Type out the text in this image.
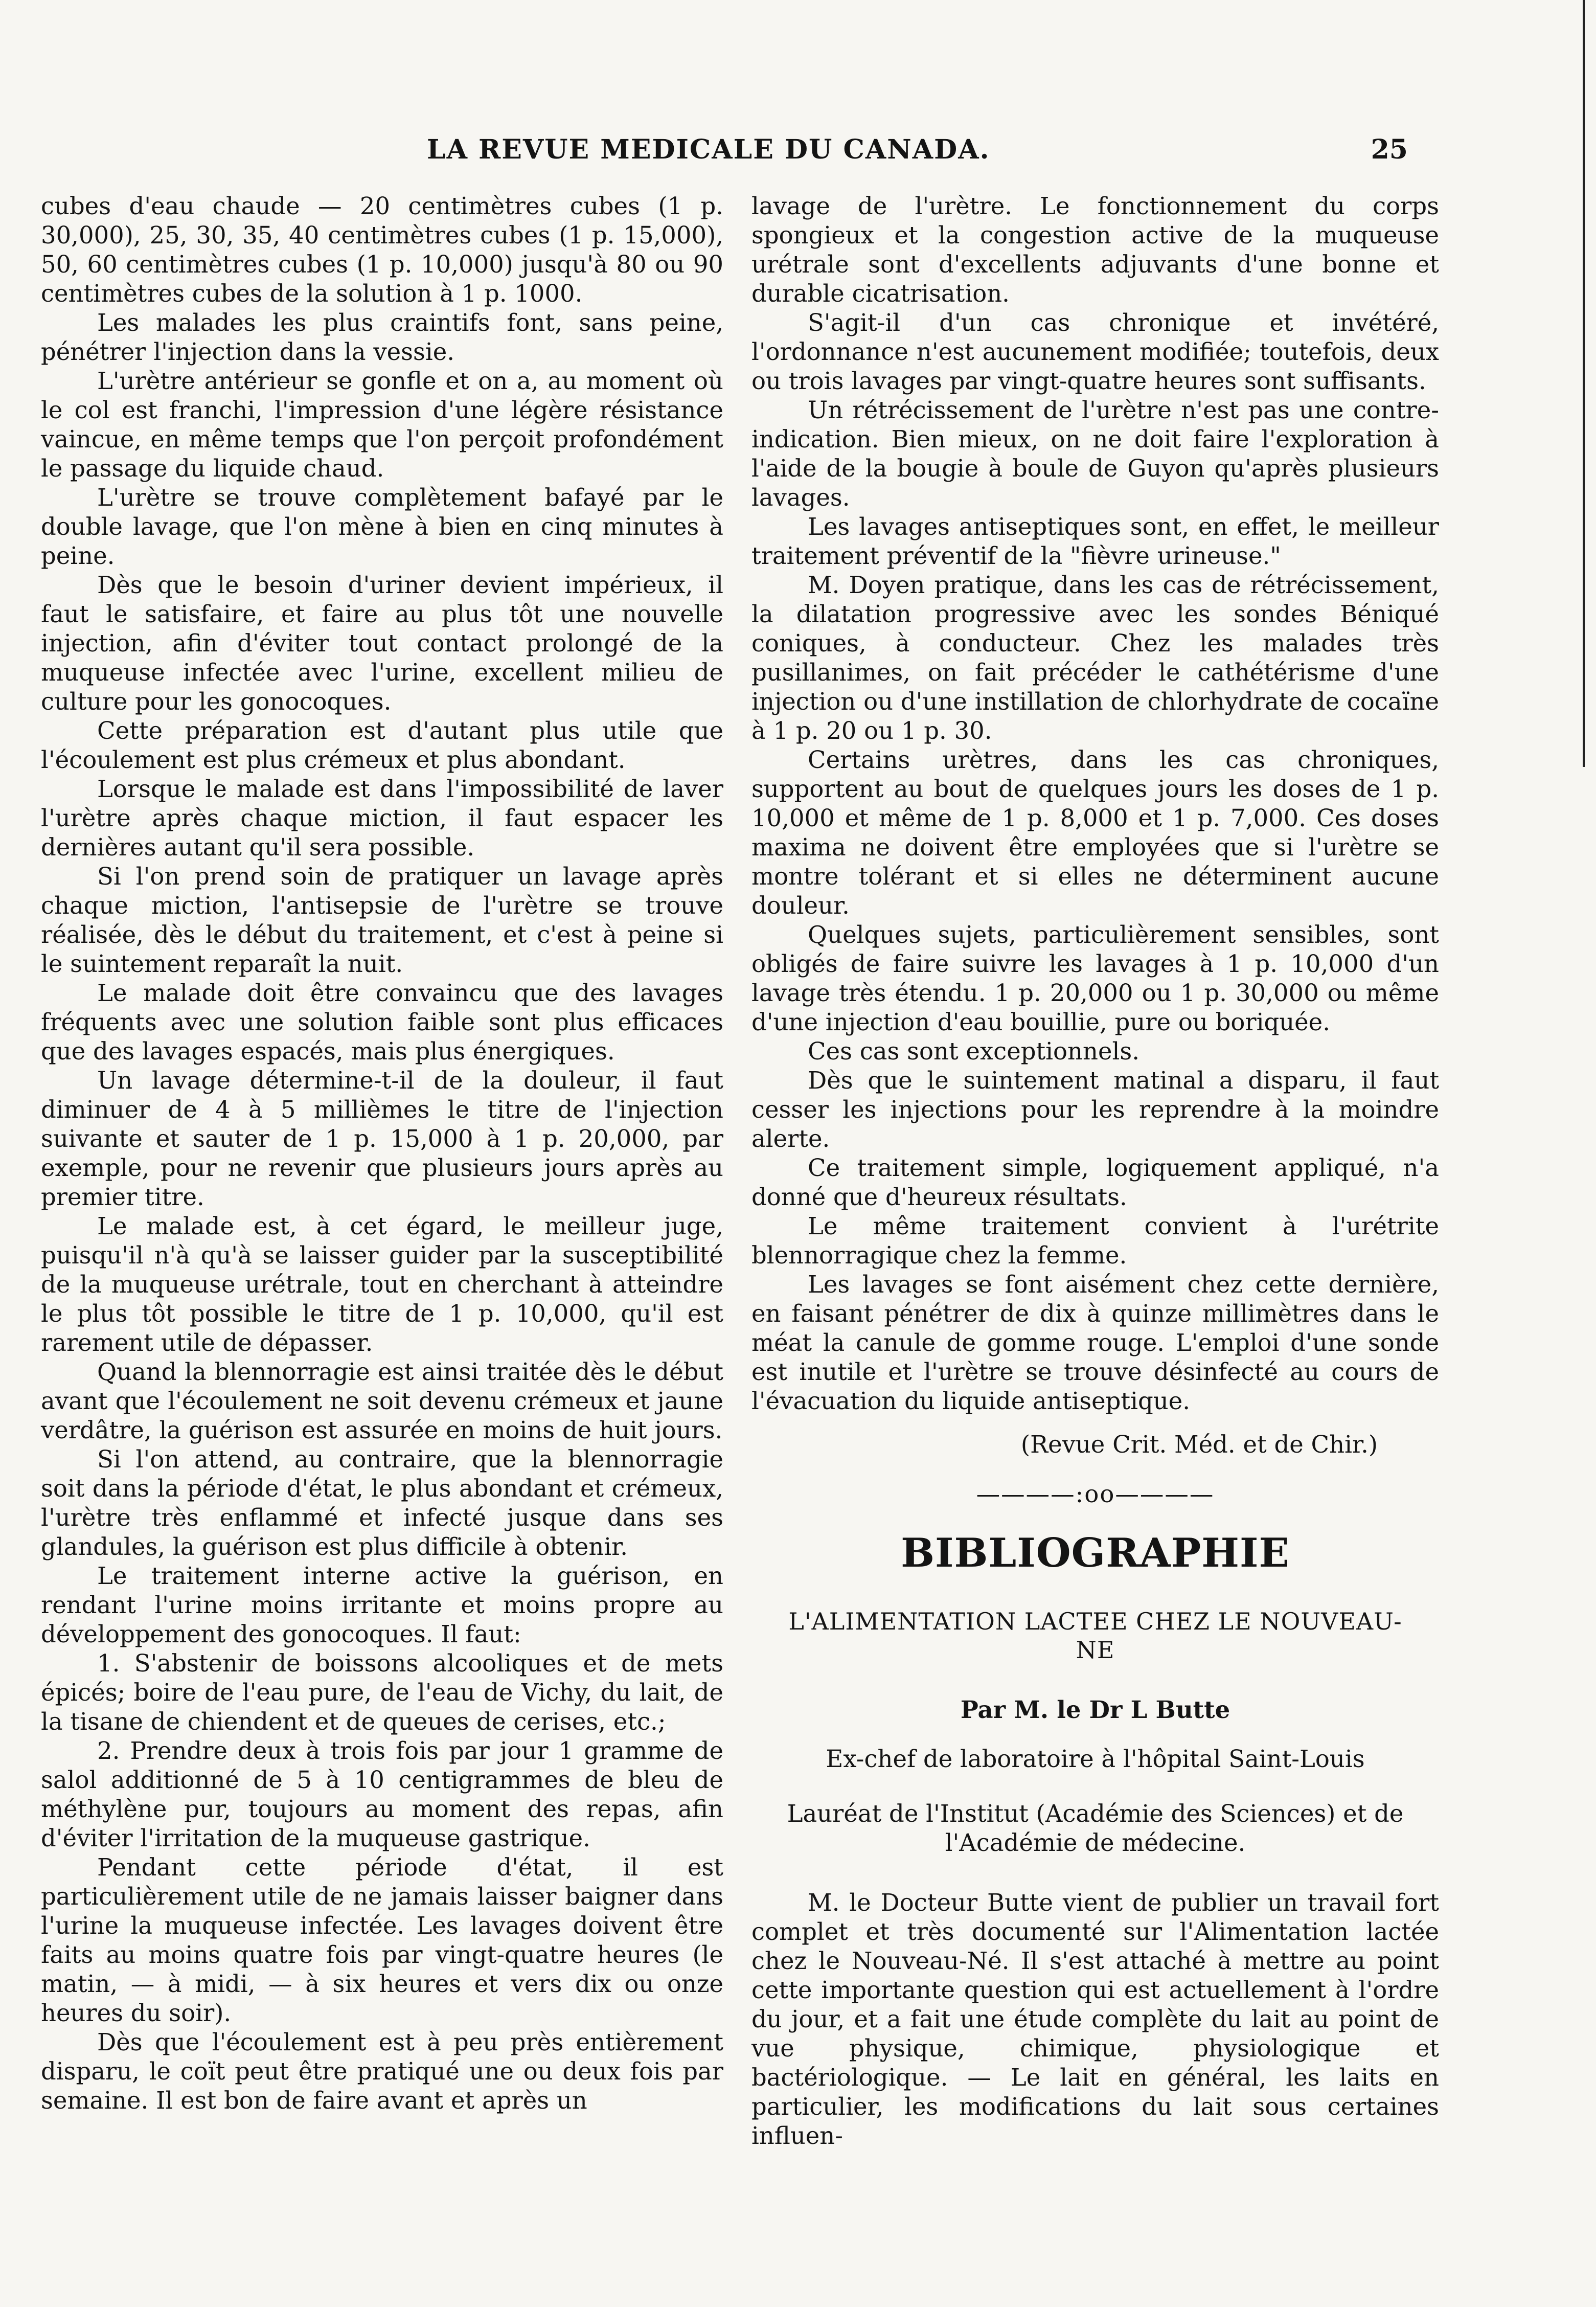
LA REVUE MEDICALE DU CANADA.	25

cubes d'eau chaude — 20 centimètres cubes (1 p. 30,000), 25, 30, 35, 40 centimètres cubes (1 p. 15,000), 50, 60 centimètres cubes (1 p. 10,000) jusqu'à 80 ou 90 centimètres cubes de la solution à 1 p. 1000.

Les malades les plus craintifs font, sans peine, pénétrer l'injection dans la vessie.

L'urètre antérieur se gonfle et on a, au moment où le col est franchi, l'impression d'une légère résistance vaincue, en même temps que l'on perçoit profondément le passage du liquide chaud.

L'urètre se trouve complètement bafayé par le double lavage, que l'on mène à bien en cinq minutes à peine.

Dès que le besoin d'uriner devient impérieux, il faut le satisfaire, et faire au plus tôt une nouvelle injection, afin d'éviter tout contact prolongé de la muqueuse infectée avec l'urine, excellent milieu de culture pour les gonocoques.

Cette préparation est d'autant plus utile que l'écoulement est plus crémeux et plus abondant.

Lorsque le malade est dans l'impossibilité de laver l'urètre après chaque miction, il faut espacer les dernières autant qu'il sera possible.

Si l'on prend soin de pratiquer un lavage après chaque miction, l'antisepsie de l'urètre se trouve réalisée, dès le début du traitement, et c'est à peine si le suintement reparaît la nuit.

Le malade doit être convaincu que des lavages fréquents avec une solution faible sont plus efficaces que des lavages espacés, mais plus énergiques.

Un lavage détermine-t-il de la douleur, il faut diminuer de 4 à 5 millièmes le titre de l'injection suivante et sauter de 1 p. 15,000 à 1 p. 20,000, par exemple, pour ne revenir que plusieurs jours après au premier titre.

Le malade est, à cet égard, le meilleur juge, puisqu'il n'à qu'à se laisser guider par la susceptibilité de la muqueuse urétrale, tout en cherchant à atteindre le plus tôt possible le titre de 1 p. 10,000, qu'il est rarement utile de dépasser.

Quand la blennorragie est ainsi traitée dès le début avant que l'écoulement ne soit devenu crémeux et jaune verdâtre, la guérison est assurée en moins de huit jours.

Si l'on attend, au contraire, que la blennorragie soit dans la période d'état, le plus abondant et crémeux, l'urètre très enflammé et infecté jusque dans ses glandules, la guérison est plus difficile à obtenir.

Le traitement interne active la guérison, en rendant l'urine moins irritante et moins propre au développement des gonocoques. Il faut:

1. S'abstenir de boissons alcooliques et de mets épicés; boire de l'eau pure, de l'eau de Vichy, du lait, de la tisane de chiendent et de queues de cerises, etc.;

2. Prendre deux à trois fois par jour 1 gramme de salol additionné de 5 à 10 centigrammes de bleu de méthylène pur, toujours au moment des repas, afin d'éviter l'irritation de la muqueuse gastrique.

Pendant cette période d'état, il est particulièrement utile de ne jamais laisser baigner dans l'urine la muqueuse infectée. Les lavages doivent être faits au moins quatre fois par vingt-quatre heures (le matin, — à midi, — à six heures et vers dix ou onze heures du soir).

Dès que l'écoulement est à peu près entièrement disparu, le coït peut être pratiqué une ou deux fois par semaine. Il est bon de faire avant et après un

lavage de l'urètre. Le fonctionnement du corps spongieux et la congestion active de la muqueuse urétrale sont d'excellents adjuvants d'une bonne et durable cicatrisation.

S'agit-il d'un cas chronique et invétéré, l'ordonnance n'est aucunement modifiée; toutefois, deux ou trois lavages par vingt-quatre heures sont suffisants.

Un rétrécissement de l'urètre n'est pas une contre-indication. Bien mieux, on ne doit faire l'exploration à l'aide de la bougie à boule de Guyon qu'après plusieurs lavages.

Les lavages antiseptiques sont, en effet, le meilleur traitement préventif de la "fièvre urineuse."

M. Doyen pratique, dans les cas de rétrécissement, la dilatation progressive avec les sondes Béniqué coniques, à conducteur. Chez les malades très pusillanimes, on fait précéder le cathétérisme d'une injection ou d'une instillation de chlorhydrate de cocaïne à 1 p. 20 ou 1 p. 30.

Certains urètres, dans les cas chroniques, supportent au bout de quelques jours les doses de 1 p. 10,000 et même de 1 p. 8,000 et 1 p. 7,000. Ces doses maxima ne doivent être employées que si l'urètre se montre tolérant et si elles ne déterminent aucune douleur.

Quelques sujets, particulièrement sensibles, sont obligés de faire suivre les lavages à 1 p. 10,000 d'un lavage très étendu. 1 p. 20,000 ou 1 p. 30,000 ou même d'une injection d'eau bouillie, pure ou boriquée.

Ces cas sont exceptionnels.

Dès que le suintement matinal a disparu, il faut cesser les injections pour les reprendre à la moindre alerte.

Ce traitement simple, logiquement appliqué, n'a donné que d'heureux résultats.

Le même traitement convient à l'urétrite blennorragique chez la femme.

Les lavages se font aisément chez cette dernière, en faisant pénétrer de dix à quinze millimètres dans le méat la canule de gomme rouge. L'emploi d'une sonde est inutile et l'urètre se trouve désinfecté au cours de l'évacuation du liquide antiseptique.

(Revue Crit. Méd. et de Chir.)

————:oo————

BIBLIOGRAPHIE

L'ALIMENTATION LACTEE CHEZ LE NOUVEAU-NE

Par M. le Dr L Butte

Ex-chef de laboratoire à l'hôpital Saint-Louis

Lauréat de l'Institut (Académie des Sciences) et de l'Académie de médecine.

M. le Docteur Butte vient de publier un travail fort complet et très documenté sur l'Alimentation lactée chez le Nouveau-Né. Il s'est attaché à mettre au point cette importante question qui est actuellement à l'ordre du jour, et a fait une étude complète du lait au point de vue physique, chimique, physiologique et bactériologique. — Le lait en général, les laits en particulier, les modifications du lait sous certaines influen-
